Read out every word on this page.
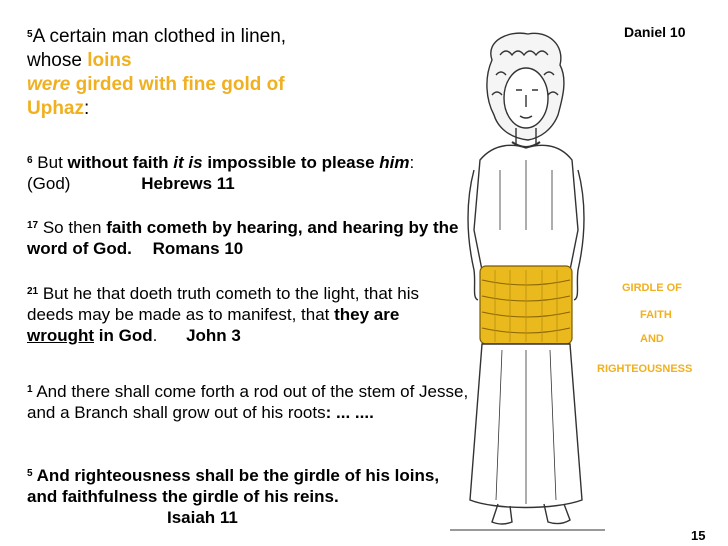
$^5$A certain man clothed in linen, whose loins
were girded with fine gold of Uphaz:
$^6$ But without faith it is impossible to please him: (God)	Hebrews 11
$^{17}$ So then faith cometh by hearing, and hearing by the word of God. Romans 10
$^{21}$ But he that doeth truth cometh to the light, that his deeds may be made as to manifest, that they are wrought in God. John 3
$^1$ And there shall come forth a rod out of the stem of Jesse, and a Branch shall grow out of his roots: ... ....
$^5$ And righteousness shall be the girdle of his loins, and faithfulness the girdle of his reins. Isaiah 11
Daniel 10
15
GIRDLE OF
FAITH
AND
RIGHTEOUSNESS
